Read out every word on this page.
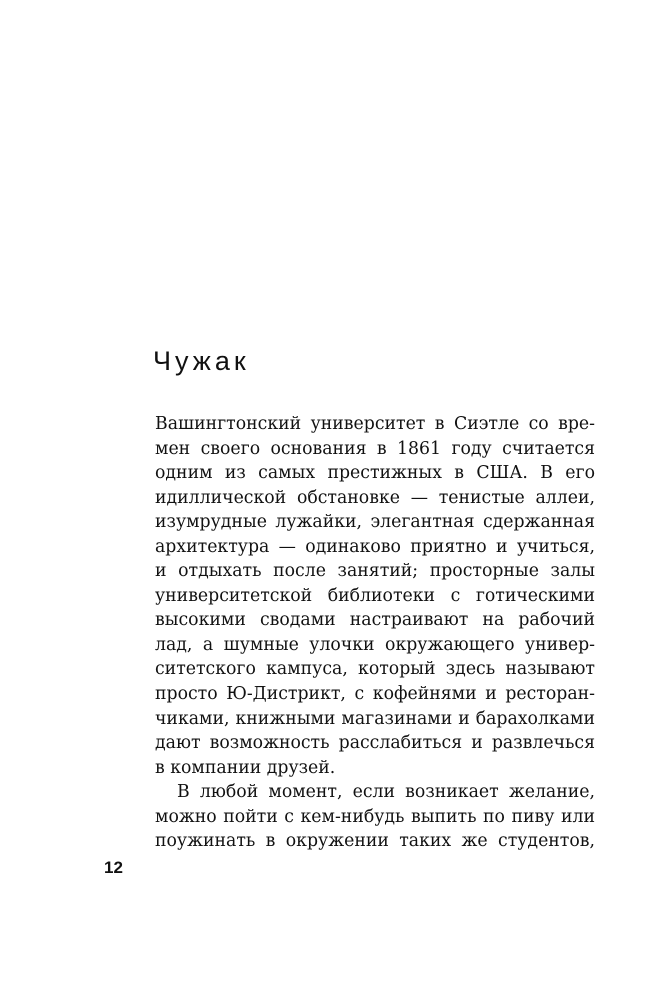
Чужак
Вашингтонский университет в Сиэтле со вре-
мен своего основания в 1861 году считается
одним из самых престижных в США. В его
идиллической обстановке — тенистые аллеи,
изумрудные лужайки, элегантная сдержанная
архитектура — одинаково приятно и учиться,
и отдыхать после занятий; просторные залы
университетской библиотеки с готическими
высокими сводами настраивают на рабочий
лад, а шумные улочки окружающего универ-
ситетского кампуса, который здесь называют
просто Ю-Дистрикт, с кофейнями и ресторан-
чиками, книжными магазинами и барахолками
дают возможность расслабиться и развлечься
в компании друзей.
В любой момент, если возникает желание,
можно пойти с кем-нибудь выпить по пиву или
поужинать в окружении таких же студентов,
12
